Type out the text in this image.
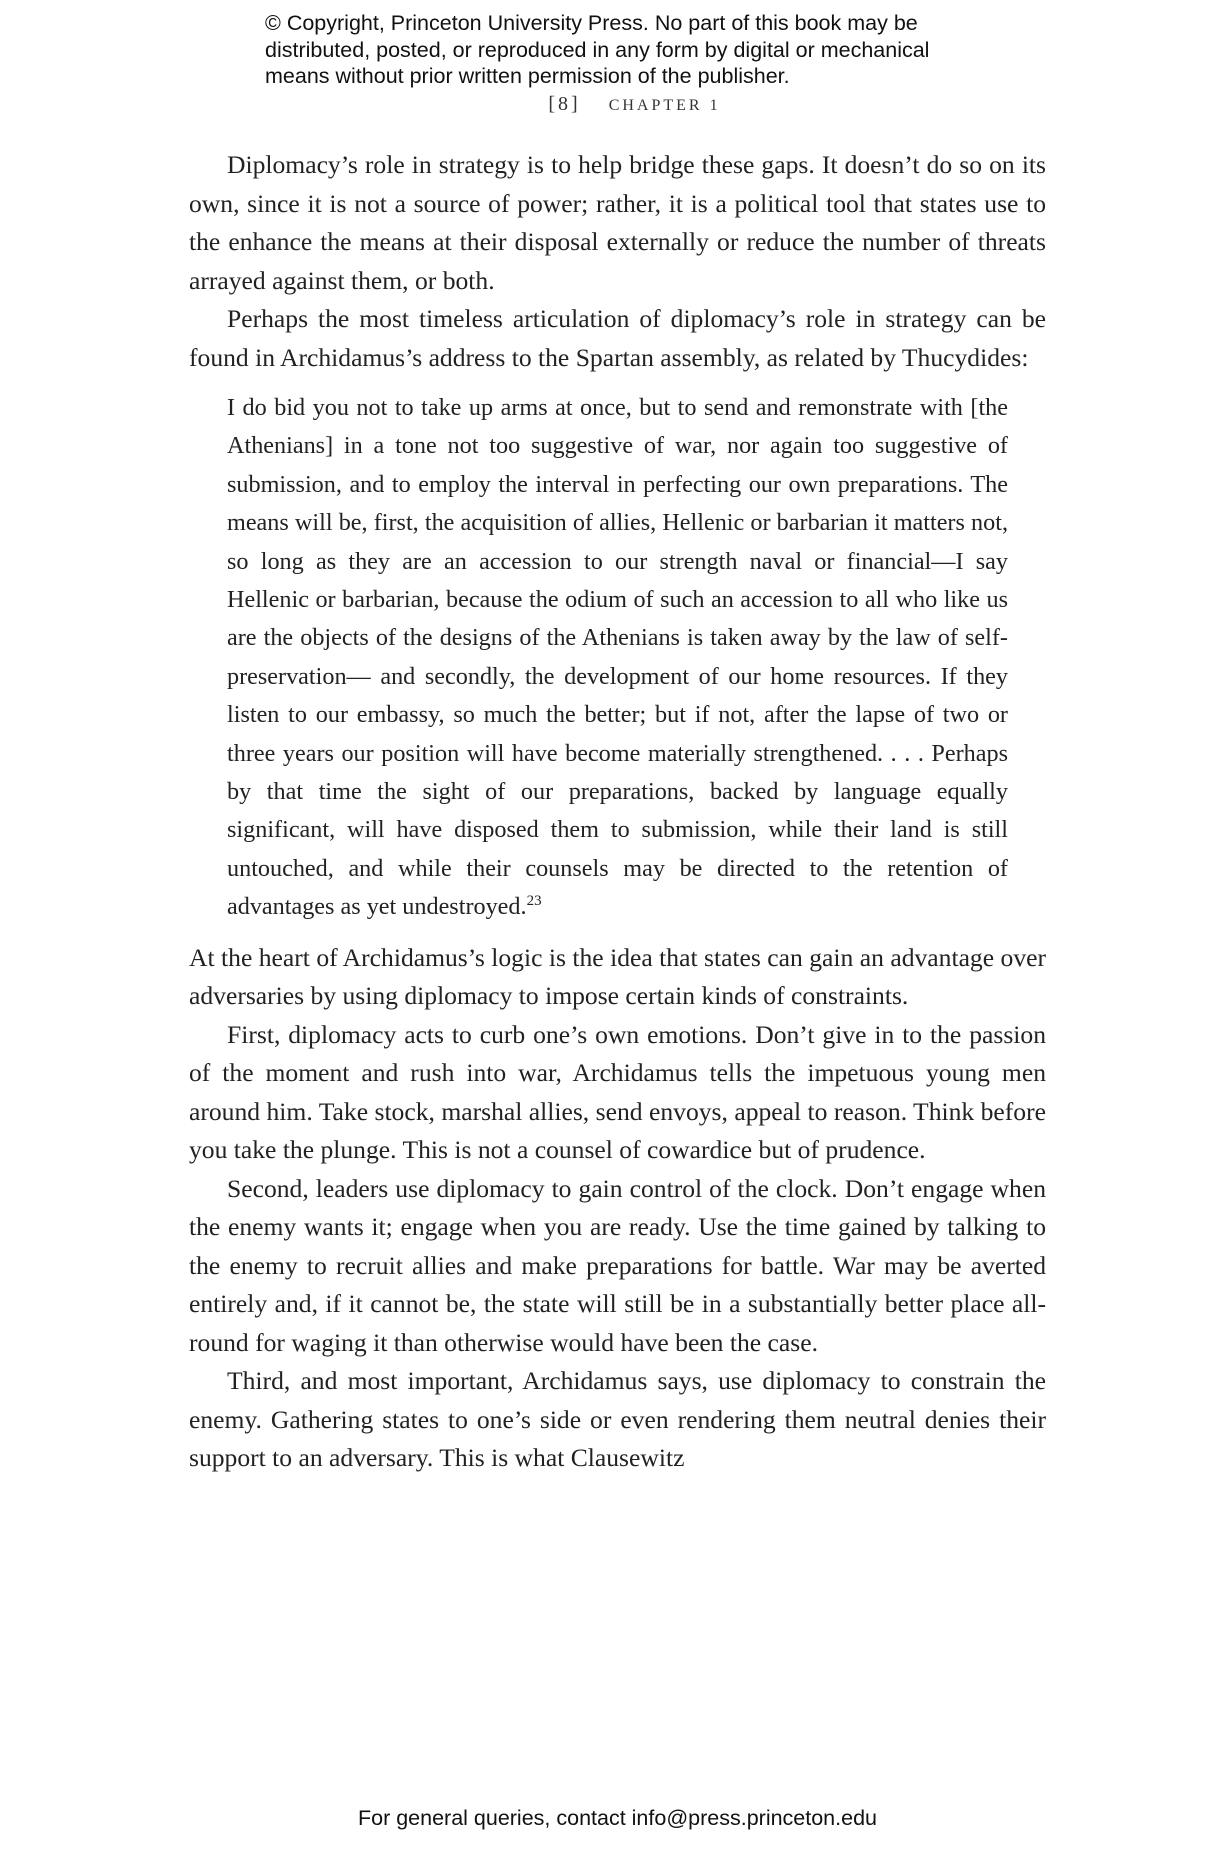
© Copyright, Princeton University Press. No part of this book may be
distributed, posted, or reproduced in any form by digital or mechanical
means without prior written permission of the publisher.
[8] CHAPTER 1

Diplomacy’s role in strategy is to help bridge these gaps. It doesn’t do so on its own, since it is not a source of power; rather, it is a political tool that states use to the enhance the means at their disposal externally or reduce the number of threats arrayed against them, or both.

Perhaps the most timeless articulation of diplomacy’s role in strategy can be found in Archidamus’s address to the Spartan assembly, as related by Thucydides:

I do bid you not to take up arms at once, but to send and remonstrate with [the Athenians] in a tone not too suggestive of war, nor again too suggestive of submission, and to employ the interval in perfecting our own preparations. The means will be, first, the acquisition of allies, Hellenic or barbarian it matters not, so long as they are an accession to our strength naval or financial—I say Hellenic or barbarian, because the odium of such an accession to all who like us are the objects of the designs of the Athenians is taken away by the law of self-preservation— and secondly, the development of our home resources. If they listen to our embassy, so much the better; but if not, after the lapse of two or three years our position will have become materially strengthened. . . . Perhaps by that time the sight of our preparations, backed by language equally significant, will have disposed them to submission, while their land is still untouched, and while their counsels may be directed to the retention of advantages as yet undestroyed.$^{23}$

At the heart of Archidamus’s logic is the idea that states can gain an advantage over adversaries by using diplomacy to impose certain kinds of constraints.

First, diplomacy acts to curb one’s own emotions. Don’t give in to the passion of the moment and rush into war, Archidamus tells the impetuous young men around him. Take stock, marshal allies, send envoys, appeal to reason. Think before you take the plunge. This is not a counsel of cowardice but of prudence.

Second, leaders use diplomacy to gain control of the clock. Don’t engage when the enemy wants it; engage when you are ready. Use the time gained by talking to the enemy to recruit allies and make preparations for battle. War may be averted entirely and, if it cannot be, the state will still be in a substantially better place all-round for waging it than otherwise would have been the case.

Third, and most important, Archidamus says, use diplomacy to constrain the enemy. Gathering states to one’s side or even rendering them neutral denies their support to an adversary. This is what Clausewitz

For general queries, contact info@press.princeton.edu
